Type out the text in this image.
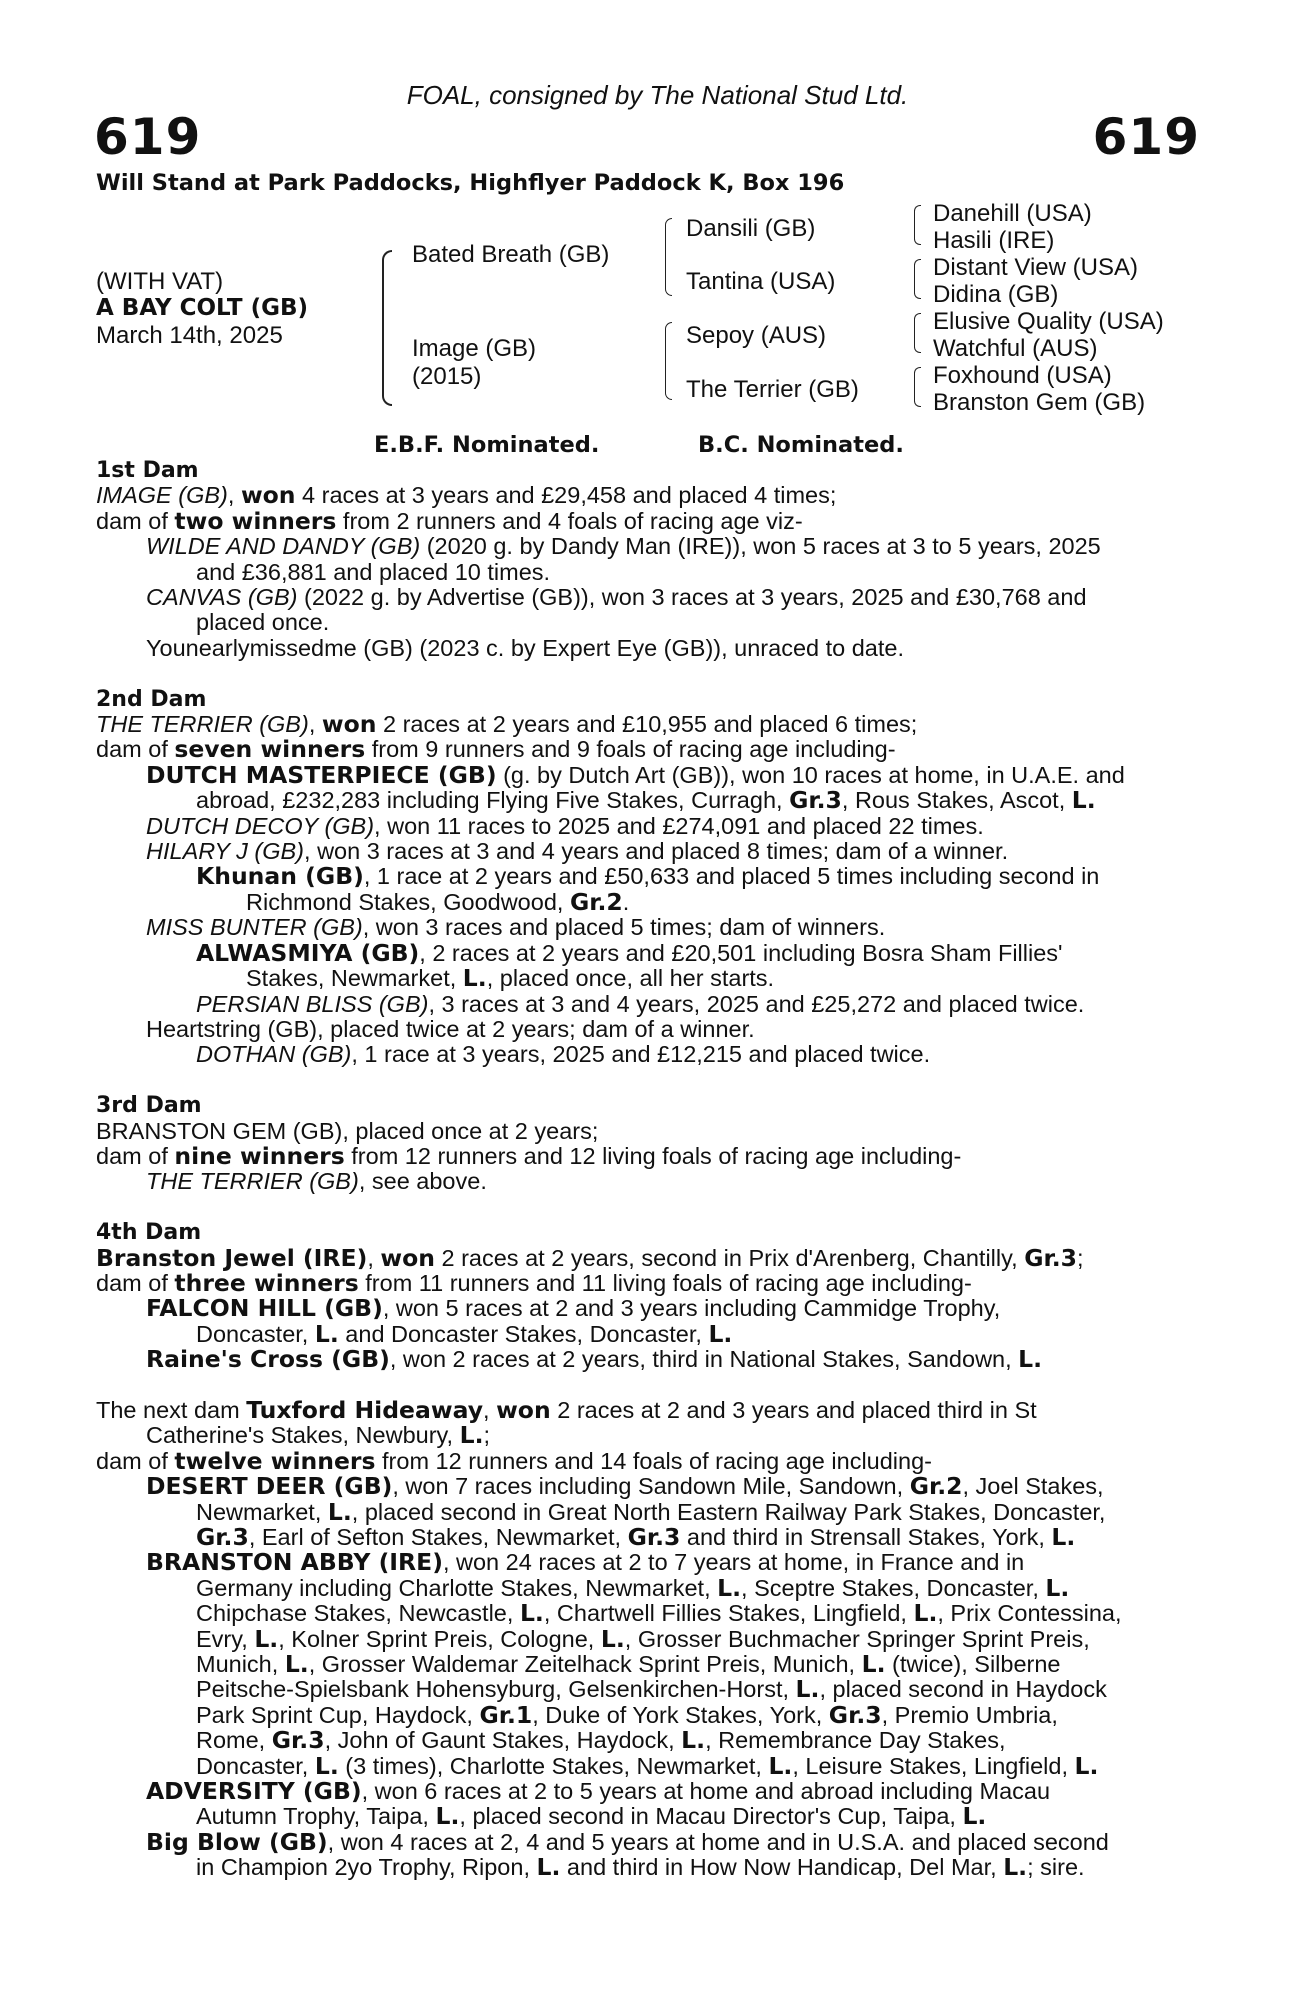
FOAL, consigned by The National Stud Ltd.
619	619
Will Stand at Park Paddocks, Highflyer Paddock K, Box 196
(WITH VAT)
A BAY COLT (GB)
March 14th, 2025
Bated Breath (GB)
Image (GB)
(2015)
Dansili (GB)
Tantina (USA)
Sepoy (AUS)
The Terrier (GB)
Danehill (USA)
Hasili (IRE)
Distant View (USA)
Didina (GB)
Elusive Quality (USA)
Watchful (AUS)
Foxhound (USA)
Branston Gem (GB)
E.B.F. Nominated.	B.C. Nominated.
1st Dam
IMAGE (GB), won 4 races at 3 years and £29,458 and placed 4 times;
dam of two winners from 2 runners and 4 foals of racing age viz-
WILDE AND DANDY (GB) (2020 g. by Dandy Man (IRE)), won 5 races at 3 to 5 years, 2025
and £36,881 and placed 10 times.
CANVAS (GB) (2022 g. by Advertise (GB)), won 3 races at 3 years, 2025 and £30,768 and
placed once.
Younearlymissedme (GB) (2023 c. by Expert Eye (GB)), unraced to date.
2nd Dam
THE TERRIER (GB), won 2 races at 2 years and £10,955 and placed 6 times;
dam of seven winners from 9 runners and 9 foals of racing age including-
DUTCH MASTERPIECE (GB) (g. by Dutch Art (GB)), won 10 races at home, in U.A.E. and
abroad, £232,283 including Flying Five Stakes, Curragh, Gr.3, Rous Stakes, Ascot, L.
DUTCH DECOY (GB), won 11 races to 2025 and £274,091 and placed 22 times.
HILARY J (GB), won 3 races at 3 and 4 years and placed 8 times; dam of a winner.
Khunan (GB), 1 race at 2 years and £50,633 and placed 5 times including second in
Richmond Stakes, Goodwood, Gr.2.
MISS BUNTER (GB), won 3 races and placed 5 times; dam of winners.
ALWASMIYA (GB), 2 races at 2 years and £20,501 including Bosra Sham Fillies'
Stakes, Newmarket, L., placed once, all her starts.
PERSIAN BLISS (GB), 3 races at 3 and 4 years, 2025 and £25,272 and placed twice.
Heartstring (GB), placed twice at 2 years; dam of a winner.
DOTHAN (GB), 1 race at 3 years, 2025 and £12,215 and placed twice.
3rd Dam
BRANSTON GEM (GB), placed once at 2 years;
dam of nine winners from 12 runners and 12 living foals of racing age including-
THE TERRIER (GB), see above.
4th Dam
Branston Jewel (IRE), won 2 races at 2 years, second in Prix d'Arenberg, Chantilly, Gr.3;
dam of three winners from 11 runners and 11 living foals of racing age including-
FALCON HILL (GB), won 5 races at 2 and 3 years including Cammidge Trophy,
Doncaster, L. and Doncaster Stakes, Doncaster, L.
Raine's Cross (GB), won 2 races at 2 years, third in National Stakes, Sandown, L.
The next dam Tuxford Hideaway, won 2 races at 2 and 3 years and placed third in St
Catherine's Stakes, Newbury, L.;
dam of twelve winners from 12 runners and 14 foals of racing age including-
DESERT DEER (GB), won 7 races including Sandown Mile, Sandown, Gr.2, Joel Stakes,
Newmarket, L., placed second in Great North Eastern Railway Park Stakes, Doncaster,
Gr.3, Earl of Sefton Stakes, Newmarket, Gr.3 and third in Strensall Stakes, York, L.
BRANSTON ABBY (IRE), won 24 races at 2 to 7 years at home, in France and in
Germany including Charlotte Stakes, Newmarket, L., Sceptre Stakes, Doncaster, L.
Chipchase Stakes, Newcastle, L., Chartwell Fillies Stakes, Lingfield, L., Prix Contessina,
Evry, L., Kolner Sprint Preis, Cologne, L., Grosser Buchmacher Springer Sprint Preis,
Munich, L., Grosser Waldemar Zeitelhack Sprint Preis, Munich, L. (twice), Silberne
Peitsche-Spielsbank Hohensyburg, Gelsenkirchen-Horst, L., placed second in Haydock
Park Sprint Cup, Haydock, Gr.1, Duke of York Stakes, York, Gr.3, Premio Umbria,
Rome, Gr.3, John of Gaunt Stakes, Haydock, L., Remembrance Day Stakes,
Doncaster, L. (3 times), Charlotte Stakes, Newmarket, L., Leisure Stakes, Lingfield, L.
ADVERSITY (GB), won 6 races at 2 to 5 years at home and abroad including Macau
Autumn Trophy, Taipa, L., placed second in Macau Director's Cup, Taipa, L.
Big Blow (GB), won 4 races at 2, 4 and 5 years at home and in U.S.A. and placed second
in Champion 2yo Trophy, Ripon, L. and third in How Now Handicap, Del Mar, L.; sire.
